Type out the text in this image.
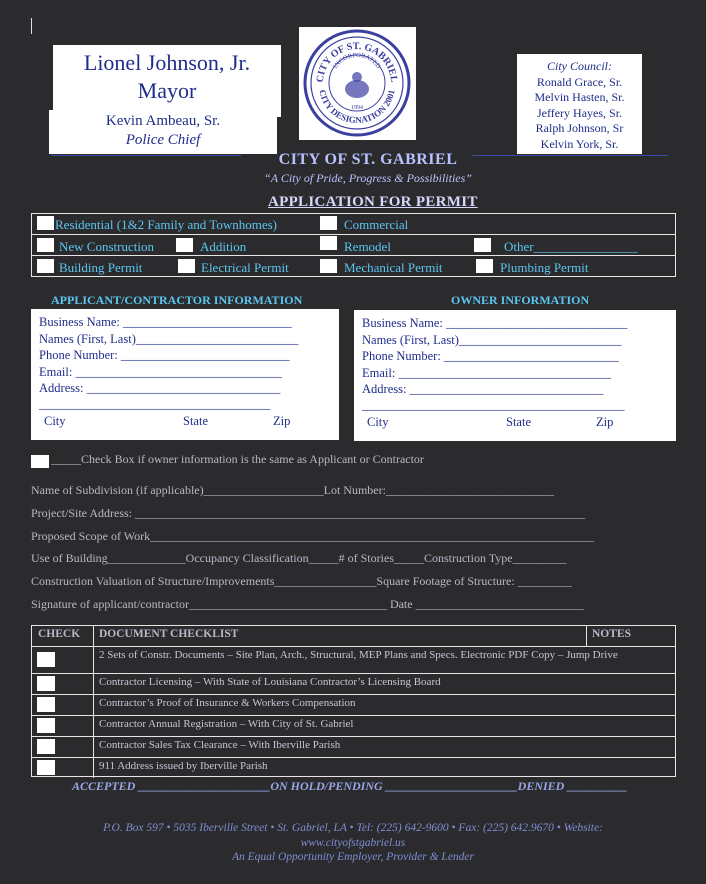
Lionel Johnson, Jr.
Mayor
Kevin Ambeau, Sr.
Police Chief
CITY OF ST. GABRIEL
INCORPORATED
CITY DESIGNATION 2001
1994
City Council:
Ronald Grace, Sr.
Melvin Hasten, Sr.
Jeffery Hayes, Sr.
Ralph Johnson, Sr
Kelvin York, Sr.
CITY OF ST. GABRIEL
“A City of Pride, Progress & Possibilities”
APPLICATION FOR PERMIT
Residential (1&2 Family and Townhomes)	Commercial
New Construction	Addition	Remodel	Other________________
Building Permit	Electrical Permit	Mechanical Permit	Plumbing Permit
APPLICANT/CONTRACTOR INFORMATION	OWNER INFORMATION
Business Name: ___________________________
Names (First, Last)__________________________
Phone Number: ___________________________
Email: _________________________________
Address: _______________________________
_____________________________________
City	State	Zip
Business Name: _____________________________
Names (First, Last)__________________________
Phone Number: ____________________________
Email: __________________________________
Address: _______________________________
__________________________________________
City	State	Zip
_____Check Box if owner information is the same as Applicant or Contractor
Name of Subdivision (if applicable)____________________Lot Number:____________________________
Project/Site Address: ___________________________________________________________________________
Proposed Scope of Work__________________________________________________________________________
Use of Building_____________Occupancy Classification_____# of Stories_____Construction Type_________
Construction Valuation of Structure/Improvements_________________Square Footage of Structure: _________
Signature of applicant/contractor_________________________________ Date ____________________________
CHECK DOCUMENT CHECKLIST	NOTES
2 Sets of Constr. Documents – Site Plan, Arch., Structural, MEP Plans and Specs. Electronic PDF Copy – Jump Drive
Contractor Licensing – With State of Louisiana Contractor’s Licensing Board
Contractor’s Proof of Insurance & Workers Compensation
Contractor Annual Registration – With City of St. Gabriel
Contractor Sales Tax Clearance – With Iberville Parish
911 Address issued by Iberville Parish
ACCEPTED ______________________ON HOLD/PENDING ______________________DENIED __________
P.O. Box 597 • 5035 Iberville Street • St. Gabriel, LA • Tel: (225) 642-9600 • Fax: (225) 642.9670 • Website:
www.cityofstgabriel.us
An Equal Opportunity Employer, Provider & Lender
